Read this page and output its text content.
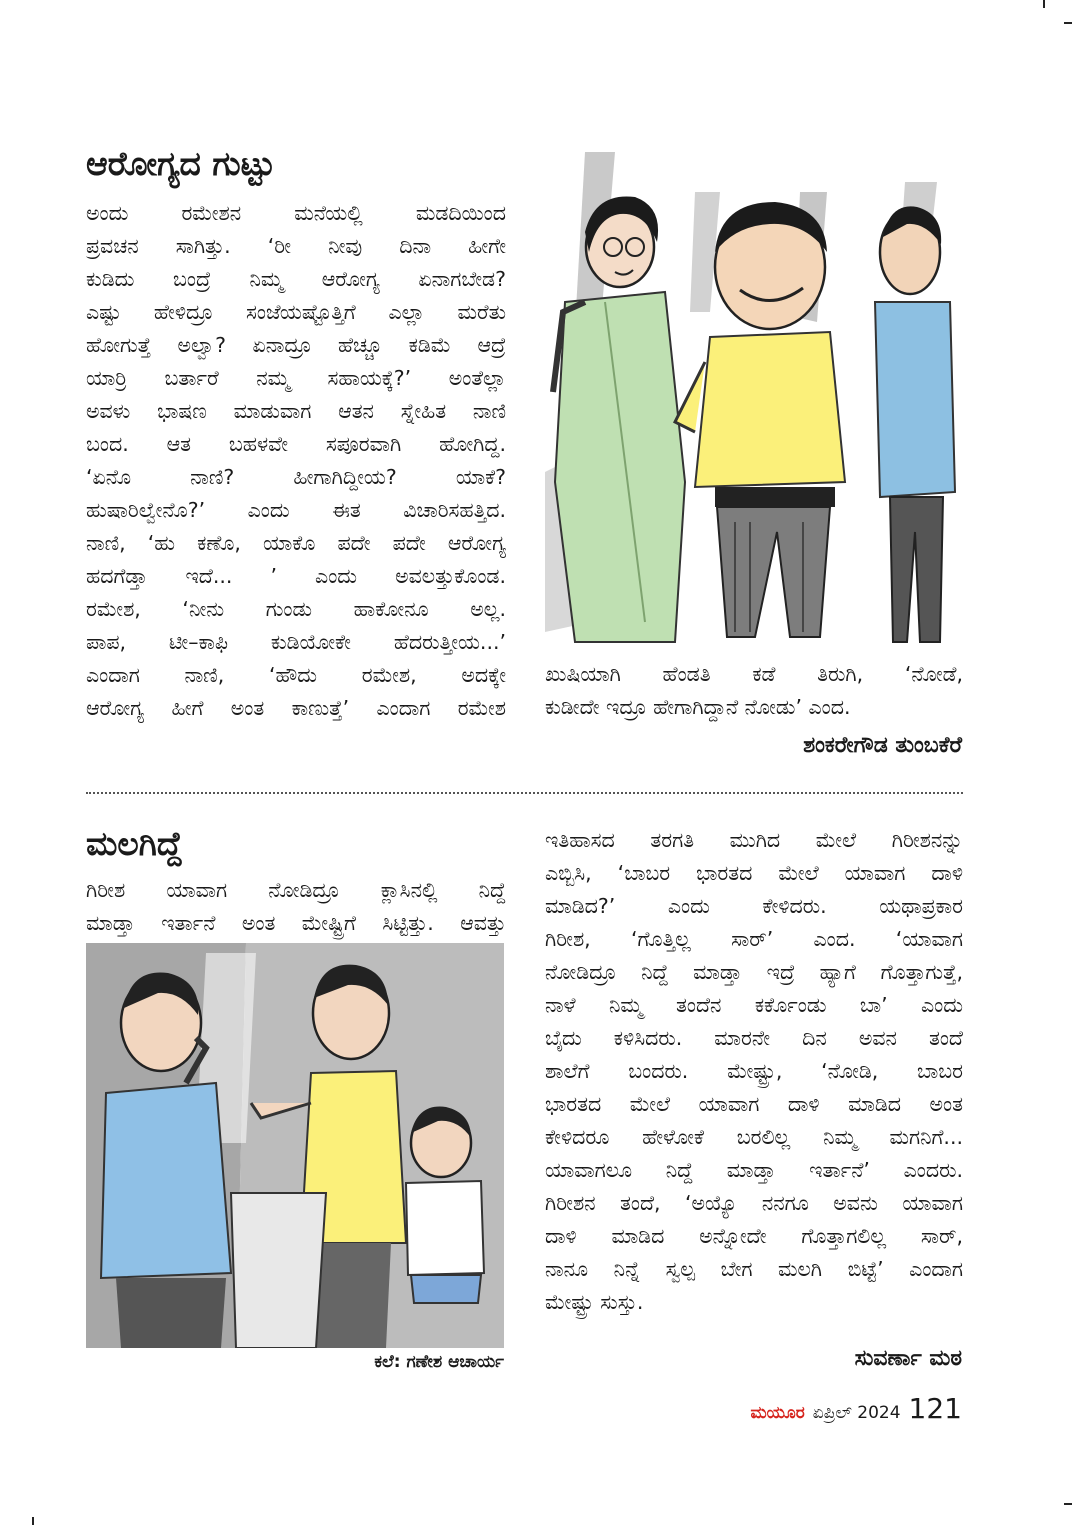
ಆರೋಗ್ಯದ ಗುಟ್ಟು
ಅಂದು ರಮೇಶನ ಮನೆಯಲ್ಲಿ ಮಡದಿಯಿಂದ
ಪ್ರವಚನ ಸಾಗಿತ್ತು. ‘ರೀ ನೀವು ದಿನಾ ಹೀಗೇ
ಕುಡಿದು ಬಂದ್ರೆ ನಿಮ್ಮ ಆರೋಗ್ಯ ಏನಾಗಬೇಡ?
ಎಷ್ಟು ಹೇಳಿದ್ರೂ ಸಂಜೆಯಷ್ಟೊತ್ತಿಗೆ ಎಲ್ಲಾ ಮರೆತು
ಹೋಗುತ್ತೆ ಅಲ್ವಾ? ಏನಾದ್ರೂ ಹೆಚ್ಚೂ ಕಡಿಮೆ ಆದ್ರೆ
ಯಾರ್‍ರಿ ಬರ್ತಾರೆ ನಮ್ಮ ಸಹಾಯಕ್ಕೆ?’ ಅಂತೆಲ್ಲಾ
ಅವಳು ಭಾಷಣ ಮಾಡುವಾಗ ಆತನ ಸ್ನೇಹಿತ ನಾಣಿ
ಬಂದ. ಆತ ಬಹಳವೇ ಸಪೂರವಾಗಿ ಹೋಗಿದ್ದ.
‘ಏನೊ ನಾಣಿ? ಹೀಗಾಗಿದ್ದೀಯ? ಯಾಕೆ?
ಹುಷಾರಿಲ್ವೇನೊ?’ ಎಂದು ಈತ ವಿಚಾರಿಸಹತ್ತಿದ.
ನಾಣಿ, ‘ಹು ಕಣೊ, ಯಾಕೊ ಪದೇ ಪದೇ ಆರೋಗ್ಯ
ಹದಗೆಡ್ತಾ ಇದೆ... ’ ಎಂದು ಅವಲತ್ತುಕೊಂಡ.
ರಮೇಶ, ‘ನೀನು ಗುಂಡು ಹಾಕೋನೂ ಅಲ್ಲ.
ಪಾಪ, ಟೀ–ಕಾಫಿ ಕುಡಿಯೋಕೇ ಹೆದರುತ್ತೀಯ...’
ಎಂದಾಗ ನಾಣಿ, ‘ಹೌದು ರಮೇಶ, ಅದಕ್ಕೇ
ಆರೋಗ್ಯ ಹೀಗೆ ಅಂತ ಕಾಣುತ್ತೆ’ ಎಂದಾಗ ರಮೇಶ
ಖುಷಿಯಾಗಿ ಹೆಂಡತಿ ಕಡೆ ತಿರುಗಿ, ‘ನೋಡೆ,
ಕುಡೀದೇ ಇದ್ರೂ ಹೇಗಾಗಿದ್ದಾನೆ ನೋಡು’ ಎಂದ.
ಶಂಕರೇಗೌಡ ತುಂಬಕೆರೆ
ಮಲಗಿದ್ದೆ
ಗಿರೀಶ ಯಾವಾಗ ನೋಡಿದ್ರೂ ಕ್ಲಾಸಿನಲ್ಲಿ ನಿದ್ದೆ
ಮಾಡ್ತಾ ಇರ್ತಾನೆ ಅಂತ ಮೇಷ್ಟ್ರಿಗೆ ಸಿಟ್ಟಿತ್ತು. ಆವತ್ತು
ಕಲೆ: ಗಣೇಶ ಆಚಾರ್ಯ
ಇತಿಹಾಸದ ತರಗತಿ ಮುಗಿದ ಮೇಲೆ ಗಿರೀಶನನ್ನು
ಎಬ್ಬಿಸಿ, ‘ಬಾಬರ ಭಾರತದ ಮೇಲೆ ಯಾವಾಗ ದಾಳಿ
ಮಾಡಿದ?’ ಎಂದು ಕೇಳಿದರು. ಯಥಾಪ್ರಕಾರ
ಗಿರೀಶ, ‘ಗೊತ್ತಿಲ್ಲ ಸಾರ್’ ಎಂದ. ‘ಯಾವಾಗ
ನೋಡಿದ್ರೂ ನಿದ್ದೆ ಮಾಡ್ತಾ ಇದ್ರೆ ಹ್ಯಾಗೆ ಗೊತ್ತಾಗುತ್ತೆ,
ನಾಳೆ ನಿಮ್ಮ ತಂದೆನ ಕರ್ಕೊಂಡು ಬಾ’ ಎಂದು
ಬೈದು ಕಳಿಸಿದರು. ಮಾರನೇ ದಿನ ಅವನ ತಂದೆ
ಶಾಲೆಗೆ ಬಂದರು. ಮೇಷ್ಟ್ರು, ‘ನೋಡಿ, ಬಾಬರ
ಭಾರತದ ಮೇಲೆ ಯಾವಾಗ ದಾಳಿ ಮಾಡಿದ ಅಂತ
ಕೇಳಿದರೂ ಹೇಳೋಕೆ ಬರಲಿಲ್ಲ ನಿಮ್ಮ ಮಗನಿಗೆ...
ಯಾವಾಗಲೂ ನಿದ್ದೆ ಮಾಡ್ತಾ ಇರ್ತಾನೆ’ ಎಂದರು.
ಗಿರೀಶನ ತಂದೆ, ‘ಅಯ್ಯೊ ನನಗೂ ಅವನು ಯಾವಾಗ
ದಾಳಿ ಮಾಡಿದ ಅನ್ನೋದೇ ಗೊತ್ತಾಗಲಿಲ್ಲ ಸಾರ್,
ನಾನೂ ನಿನ್ನೆ ಸ್ವಲ್ಪ ಬೇಗ ಮಲಗಿ ಬಿಟ್ಟೆ’ ಎಂದಾಗ
ಮೇಷ್ಟ್ರು ಸುಸ್ತು.
ಸುವರ್ಣಾ ಮಠ
ಮಯೂರ ಏಪ್ರಿಲ್ 2024 121
